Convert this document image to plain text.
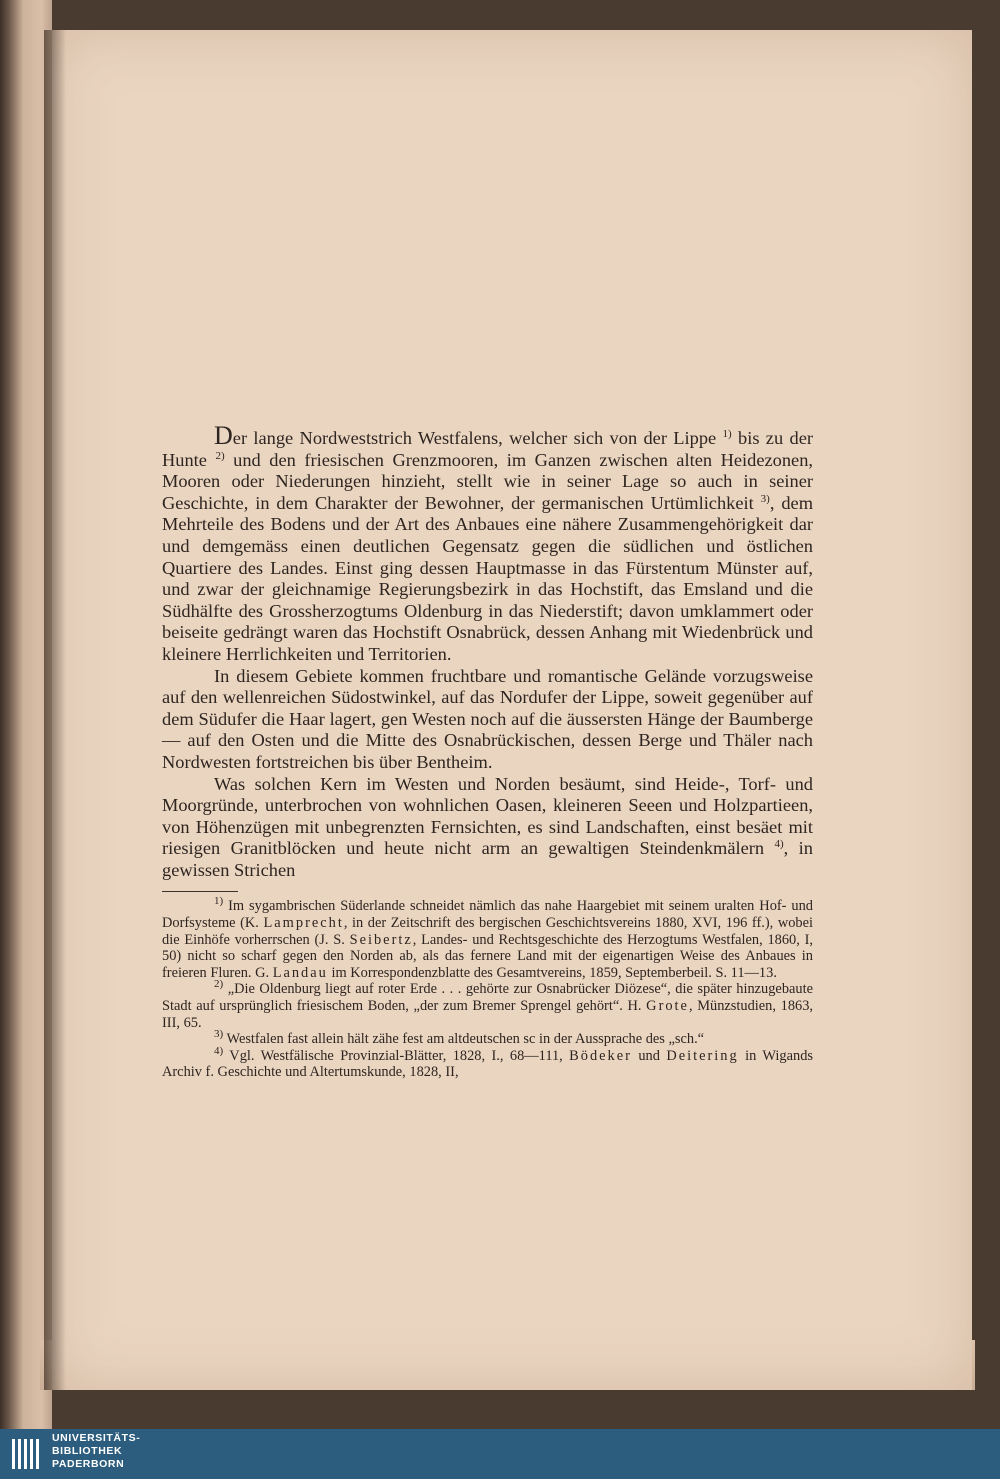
Der lange Nordweststrich Westfalens, welcher sich von der Lippe $^{1)}$ bis zu der Hunte $^{2)}$ und den friesischen Grenzmooren, im Ganzen zwischen alten Heidezonen, Mooren oder Niederungen hinzieht, stellt wie in seiner Lage so auch in seiner Geschichte, in dem Charakter der Bewohner, der germanischen Urtümlichkeit $^{3)}$, dem Mehrteile des Bodens und der Art des Anbaues eine nähere Zusammengehörigkeit dar und demgemäss einen deutlichen Gegensatz gegen die südlichen und östlichen Quartiere des Landes. Einst ging dessen Hauptmasse in das Fürstentum Münster auf, und zwar der gleichnamige Regierungsbezirk in das Hochstift, das Emsland und die Südhälfte des Grossherzogtums Oldenburg in das Niederstift; davon umklammert oder beiseite gedrängt waren das Hochstift Osnabrück, dessen Anhang mit Wiedenbrück und kleinere Herrlichkeiten und Territorien.

In diesem Gebiete kommen fruchtbare und romantische Gelände vorzugsweise auf den wellenreichen Südostwinkel, auf das Nordufer der Lippe, soweit gegenüber auf dem Südufer die Haar lagert, gen Westen noch auf die äussersten Hänge der Baumberge — auf den Osten und die Mitte des Osnabrückischen, dessen Berge und Thäler nach Nordwesten fortstreichen bis über Bentheim.

Was solchen Kern im Westen und Norden besäumt, sind Heide-, Torf- und Moorgründe, unterbrochen von wohnlichen Oasen, kleineren Seeen und Holzpartieen, von Höhenzügen mit unbegrenzten Fernsichten, es sind Landschaften, einst besäet mit riesigen Granitblöcken und heute nicht arm an gewaltigen Steindenkmälern $^{4)}$, in gewissen Strichen

$^{1)}$ Im sygambrischen Süderlande schneidet nämlich das nahe Haargebiet mit seinem uralten Hof- und Dorfsysteme (K. Lamprecht, in der Zeitschrift des bergischen Geschichtsvereins 1880, XVI, 196 ff.), wobei die Einhöfe vorherrschen (J. S. Seibertz, Landes- und Rechtsgeschichte des Herzogtums Westfalen, 1860, I, 50) nicht so scharf gegen den Norden ab, als das fernere Land mit der eigenartigen Weise des Anbaues in freieren Fluren. G. Landau im Korrespondenzblatte des Gesamtvereins, 1859, Septemberbeil. S. 11—13.

$^{2)}$ „Die Oldenburg liegt auf roter Erde . . . gehörte zur Osnabrücker Diözese“, die später hinzugebaute Stadt auf ursprünglich friesischem Boden, „der zum Bremer Sprengel gehört“. H. Grote, Münzstudien, 1863, III, 65.

$^{3)}$ Westfalen fast allein hält zähe fest am altdeutschen sc in der Aussprache des „sch.“

$^{4)}$ Vgl. Westfälische Provinzial-Blätter, 1828, I., 68—111, Bödeker und Deitering in Wigands Archiv f. Geschichte und Altertumskunde, 1828, II,

UNIVERSITÄTS-
BIBLIOTHEK
PADERBORN
